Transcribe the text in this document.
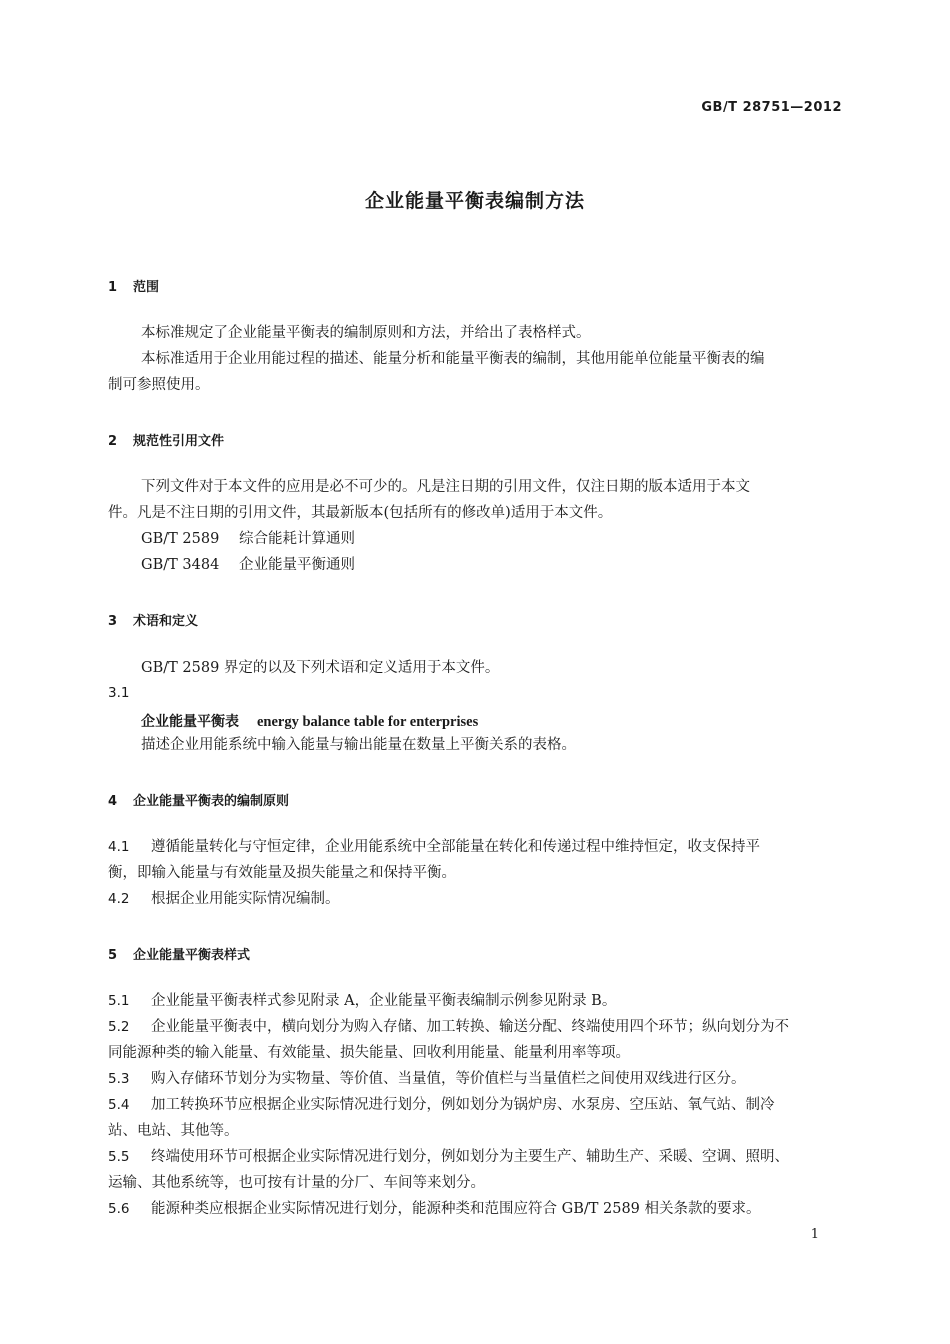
GB/T 28751—2012
企业能量平衡表编制方法
1 范围
本标准规定了企业能量平衡表的编制原则和方法，并给出了表格样式。
本标准适用于企业用能过程的描述、能量分析和能量平衡表的编制，其他用能单位能量平衡表的编
制可参照使用。
2 规范性引用文件
下列文件对于本文件的应用是必不可少的。凡是注日期的引用文件，仅注日期的版本适用于本文
件。凡是不注日期的引用文件，其最新版本(包括所有的修改单)适用于本文件。
GB/T 2589 综合能耗计算通则
GB/T 3484 企业能量平衡通则
3 术语和定义
GB/T 2589 界定的以及下列术语和定义适用于本文件。
3.1
企业能量平衡表 energy balance table for enterprises
描述企业用能系统中输入能量与输出能量在数量上平衡关系的表格。
4 企业能量平衡表的编制原则
4.1 遵循能量转化与守恒定律，企业用能系统中全部能量在转化和传递过程中维持恒定，收支保持平
衡，即输入能量与有效能量及损失能量之和保持平衡。
4.2 根据企业用能实际情况编制。
5 企业能量平衡表样式
5.1 企业能量平衡表样式参见附录 A，企业能量平衡表编制示例参见附录 B。
5.2 企业能量平衡表中，横向划分为购入存储、加工转换、输送分配、终端使用四个环节；纵向划分为不
同能源种类的输入能量、有效能量、损失能量、回收利用能量、能量利用率等项。
5.3 购入存储环节划分为实物量、等价值、当量值，等价值栏与当量值栏之间使用双线进行区分。
5.4 加工转换环节应根据企业实际情况进行划分，例如划分为锅炉房、水泵房、空压站、氧气站、制冷
站、电站、其他等。
5.5 终端使用环节可根据企业实际情况进行划分，例如划分为主要生产、辅助生产、采暖、空调、照明、
运输、其他系统等，也可按有计量的分厂、车间等来划分。
5.6 能源种类应根据企业实际情况进行划分，能源种类和范围应符合 GB/T 2589 相关条款的要求。
1
